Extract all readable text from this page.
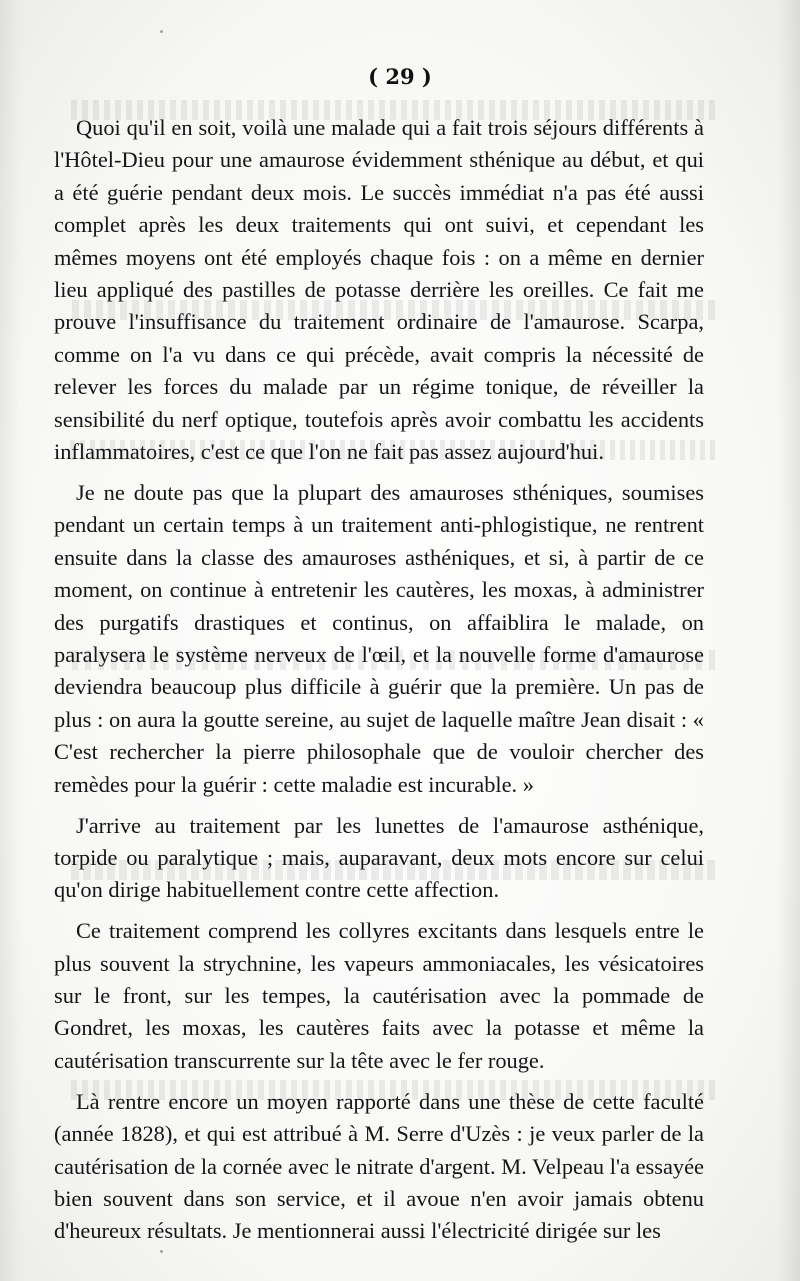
( 29 )

Quoi qu'il en soit, voilà une malade qui a fait trois séjours différents à l'Hôtel-Dieu pour une amaurose évidemment sthénique au début, et qui a été guérie pendant deux mois. Le succès immédiat n'a pas été aussi complet après les deux traitements qui ont suivi, et cependant les mêmes moyens ont été employés chaque fois : on a même en dernier lieu appliqué des pastilles de potasse derrière les oreilles. Ce fait me prouve l'insuffisance du traitement ordinaire de l'amaurose. Scarpa, comme on l'a vu dans ce qui précède, avait compris la nécessité de relever les forces du malade par un régime tonique, de réveiller la sensibilité du nerf optique, toutefois après avoir combattu les accidents inflammatoires, c'est ce que l'on ne fait pas assez aujourd'hui.

Je ne doute pas que la plupart des amauroses sthéniques, soumises pendant un certain temps à un traitement anti-phlogistique, ne rentrent ensuite dans la classe des amauroses asthéniques, et si, à partir de ce moment, on continue à entretenir les cautères, les moxas, à administrer des purgatifs drastiques et continus, on affaiblira le malade, on paralysera le système nerveux de l'œil, et la nouvelle forme d'amaurose deviendra beaucoup plus difficile à guérir que la première. Un pas de plus : on aura la goutte sereine, au sujet de laquelle maître Jean disait : « C'est rechercher la pierre philosophale que de vouloir chercher des remèdes pour la guérir : cette maladie est incurable. »

J'arrive au traitement par les lunettes de l'amaurose asthénique, torpide ou paralytique ; mais, auparavant, deux mots encore sur celui qu'on dirige habituellement contre cette affection.

Ce traitement comprend les collyres excitants dans lesquels entre le plus souvent la strychnine, les vapeurs ammoniacales, les vésicatoires sur le front, sur les tempes, la cautérisation avec la pommade de Gondret, les moxas, les cautères faits avec la potasse et même la cautérisation transcurrente sur la tête avec le fer rouge.

Là rentre encore un moyen rapporté dans une thèse de cette faculté (année 1828), et qui est attribué à M. Serre d'Uzès : je veux parler de la cautérisation de la cornée avec le nitrate d'argent. M. Velpeau l'a essayée bien souvent dans son service, et il avoue n'en avoir jamais obtenu d'heureux résultats. Je mentionnerai aussi l'électricité dirigée sur les
